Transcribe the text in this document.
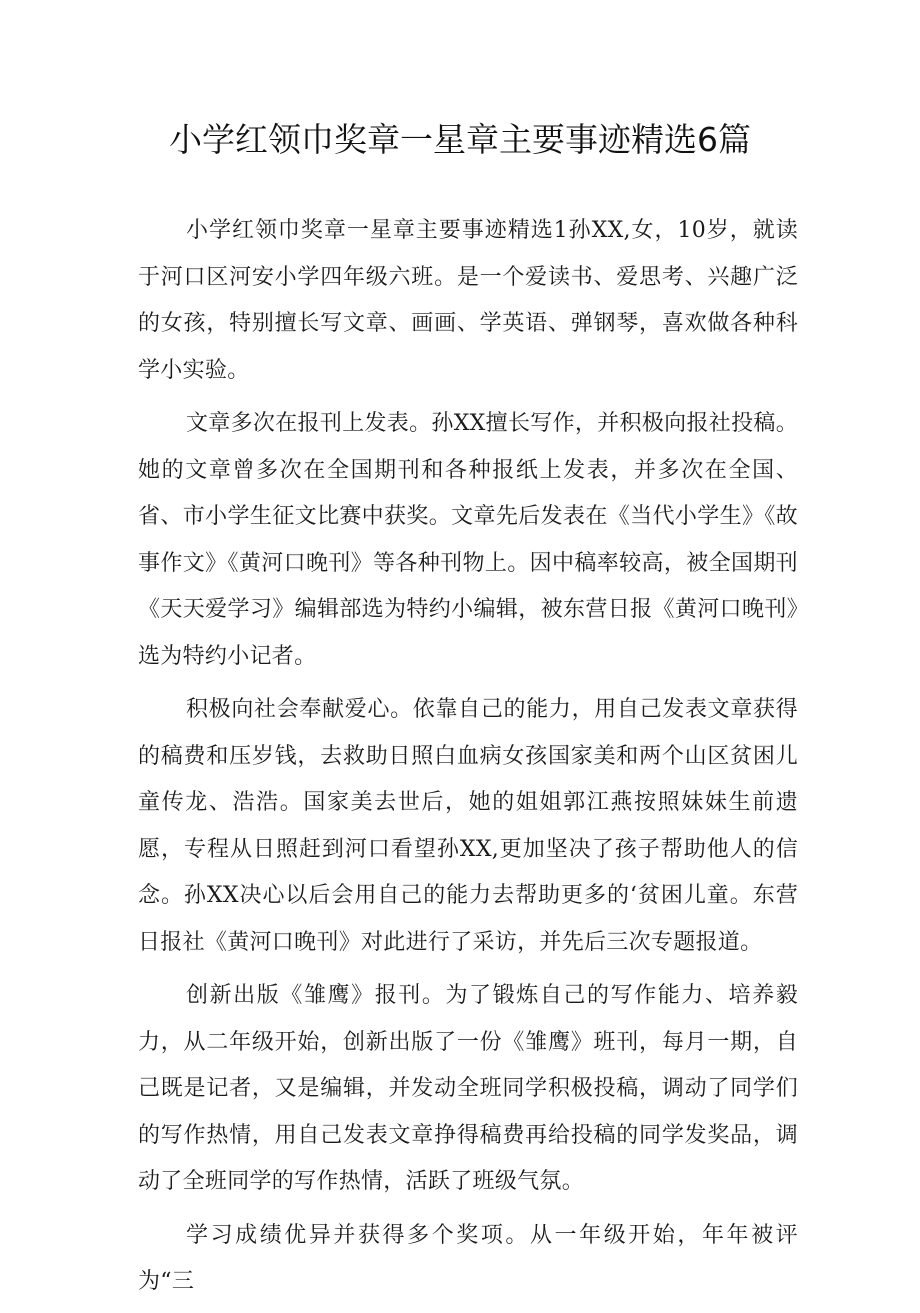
小学红领巾奖章一星章主要事迹精选6篇

小学红领巾奖章一星章主要事迹精选1孙XX,女，10岁，就读于河口区河安小学四年级六班。是一个爱读书、爱思考、兴趣广泛的女孩，特别擅长写文章、画画、学英语、弹钢琴，喜欢做各种科学小实验。

文章多次在报刊上发表。孙XX擅长写作，并积极向报社投稿。她的文章曾多次在全国期刊和各种报纸上发表，并多次在全国、省、市小学生征文比赛中获奖。文章先后发表在《当代小学生》《故事作文》《黄河口晚刊》等各种刊物上。因中稿率较高，被全国期刊《天天爱学习》编辑部选为特约小编辑，被东营日报《黄河口晚刊》选为特约小记者。

积极向社会奉献爱心。依靠自己的能力，用自己发表文章获得的稿费和压岁钱，去救助日照白血病女孩国家美和两个山区贫困儿童传龙、浩浩。国家美去世后，她的姐姐郭江燕按照妹妹生前遗愿，专程从日照赶到河口看望孙XX,更加坚决了孩子帮助他人的信念。孙XX决心以后会用自己的能力去帮助更多的‘贫困儿童。东营日报社《黄河口晚刊》对此进行了采访，并先后三次专题报道。

创新出版《雏鹰》报刊。为了锻炼自己的写作能力、培养毅力，从二年级开始，创新出版了一份《雏鹰》班刊，每月一期，自己既是记者，又是编辑，并发动全班同学积极投稿，调动了同学们的写作热情，用自己发表文章挣得稿费再给投稿的同学发奖品，调动了全班同学的写作热情，活跃了班级气氛。

学习成绩优异并获得多个奖项。从一年级开始，年年被评为“三
